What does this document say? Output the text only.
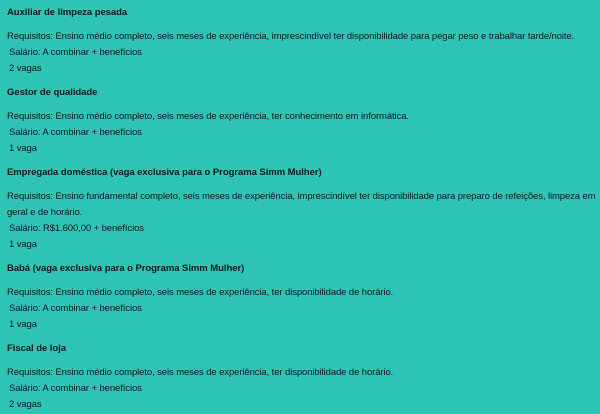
Auxiliar de limpeza pesada
Requisitos: Ensino médio completo, seis meses de experiência, imprescindível ter disponibilidade para pegar peso e trabalhar tarde/noite.
Salário: A combinar + benefícios
2 vagas
Gestor de qualidade
Requisitos: Ensino médio completo, seis meses de experiência, ter conhecimento em informática.
Salário: A combinar + benefícios
1 vaga
Empregada doméstica (vaga exclusiva para o Programa Simm Mulher)
Requisitos: Ensino fundamental completo, seis meses de experiência, imprescindível ter disponibilidade para preparo de refeições, limpeza em geral e de horário.
Salário: R$1.600,00 + benefícios
1 vaga
Babá (vaga exclusiva para o Programa Simm Mulher)
Requisitos: Ensino médio completo, seis meses de experiência, ter disponibilidade de horário.
Salário: A combinar + benefícios
1 vaga
Fiscal de loja
Requisitos: Ensino médio completo, seis meses de experiência, ter disponibilidade de horário.
Salário: A combinar + benefícios
2 vagas
